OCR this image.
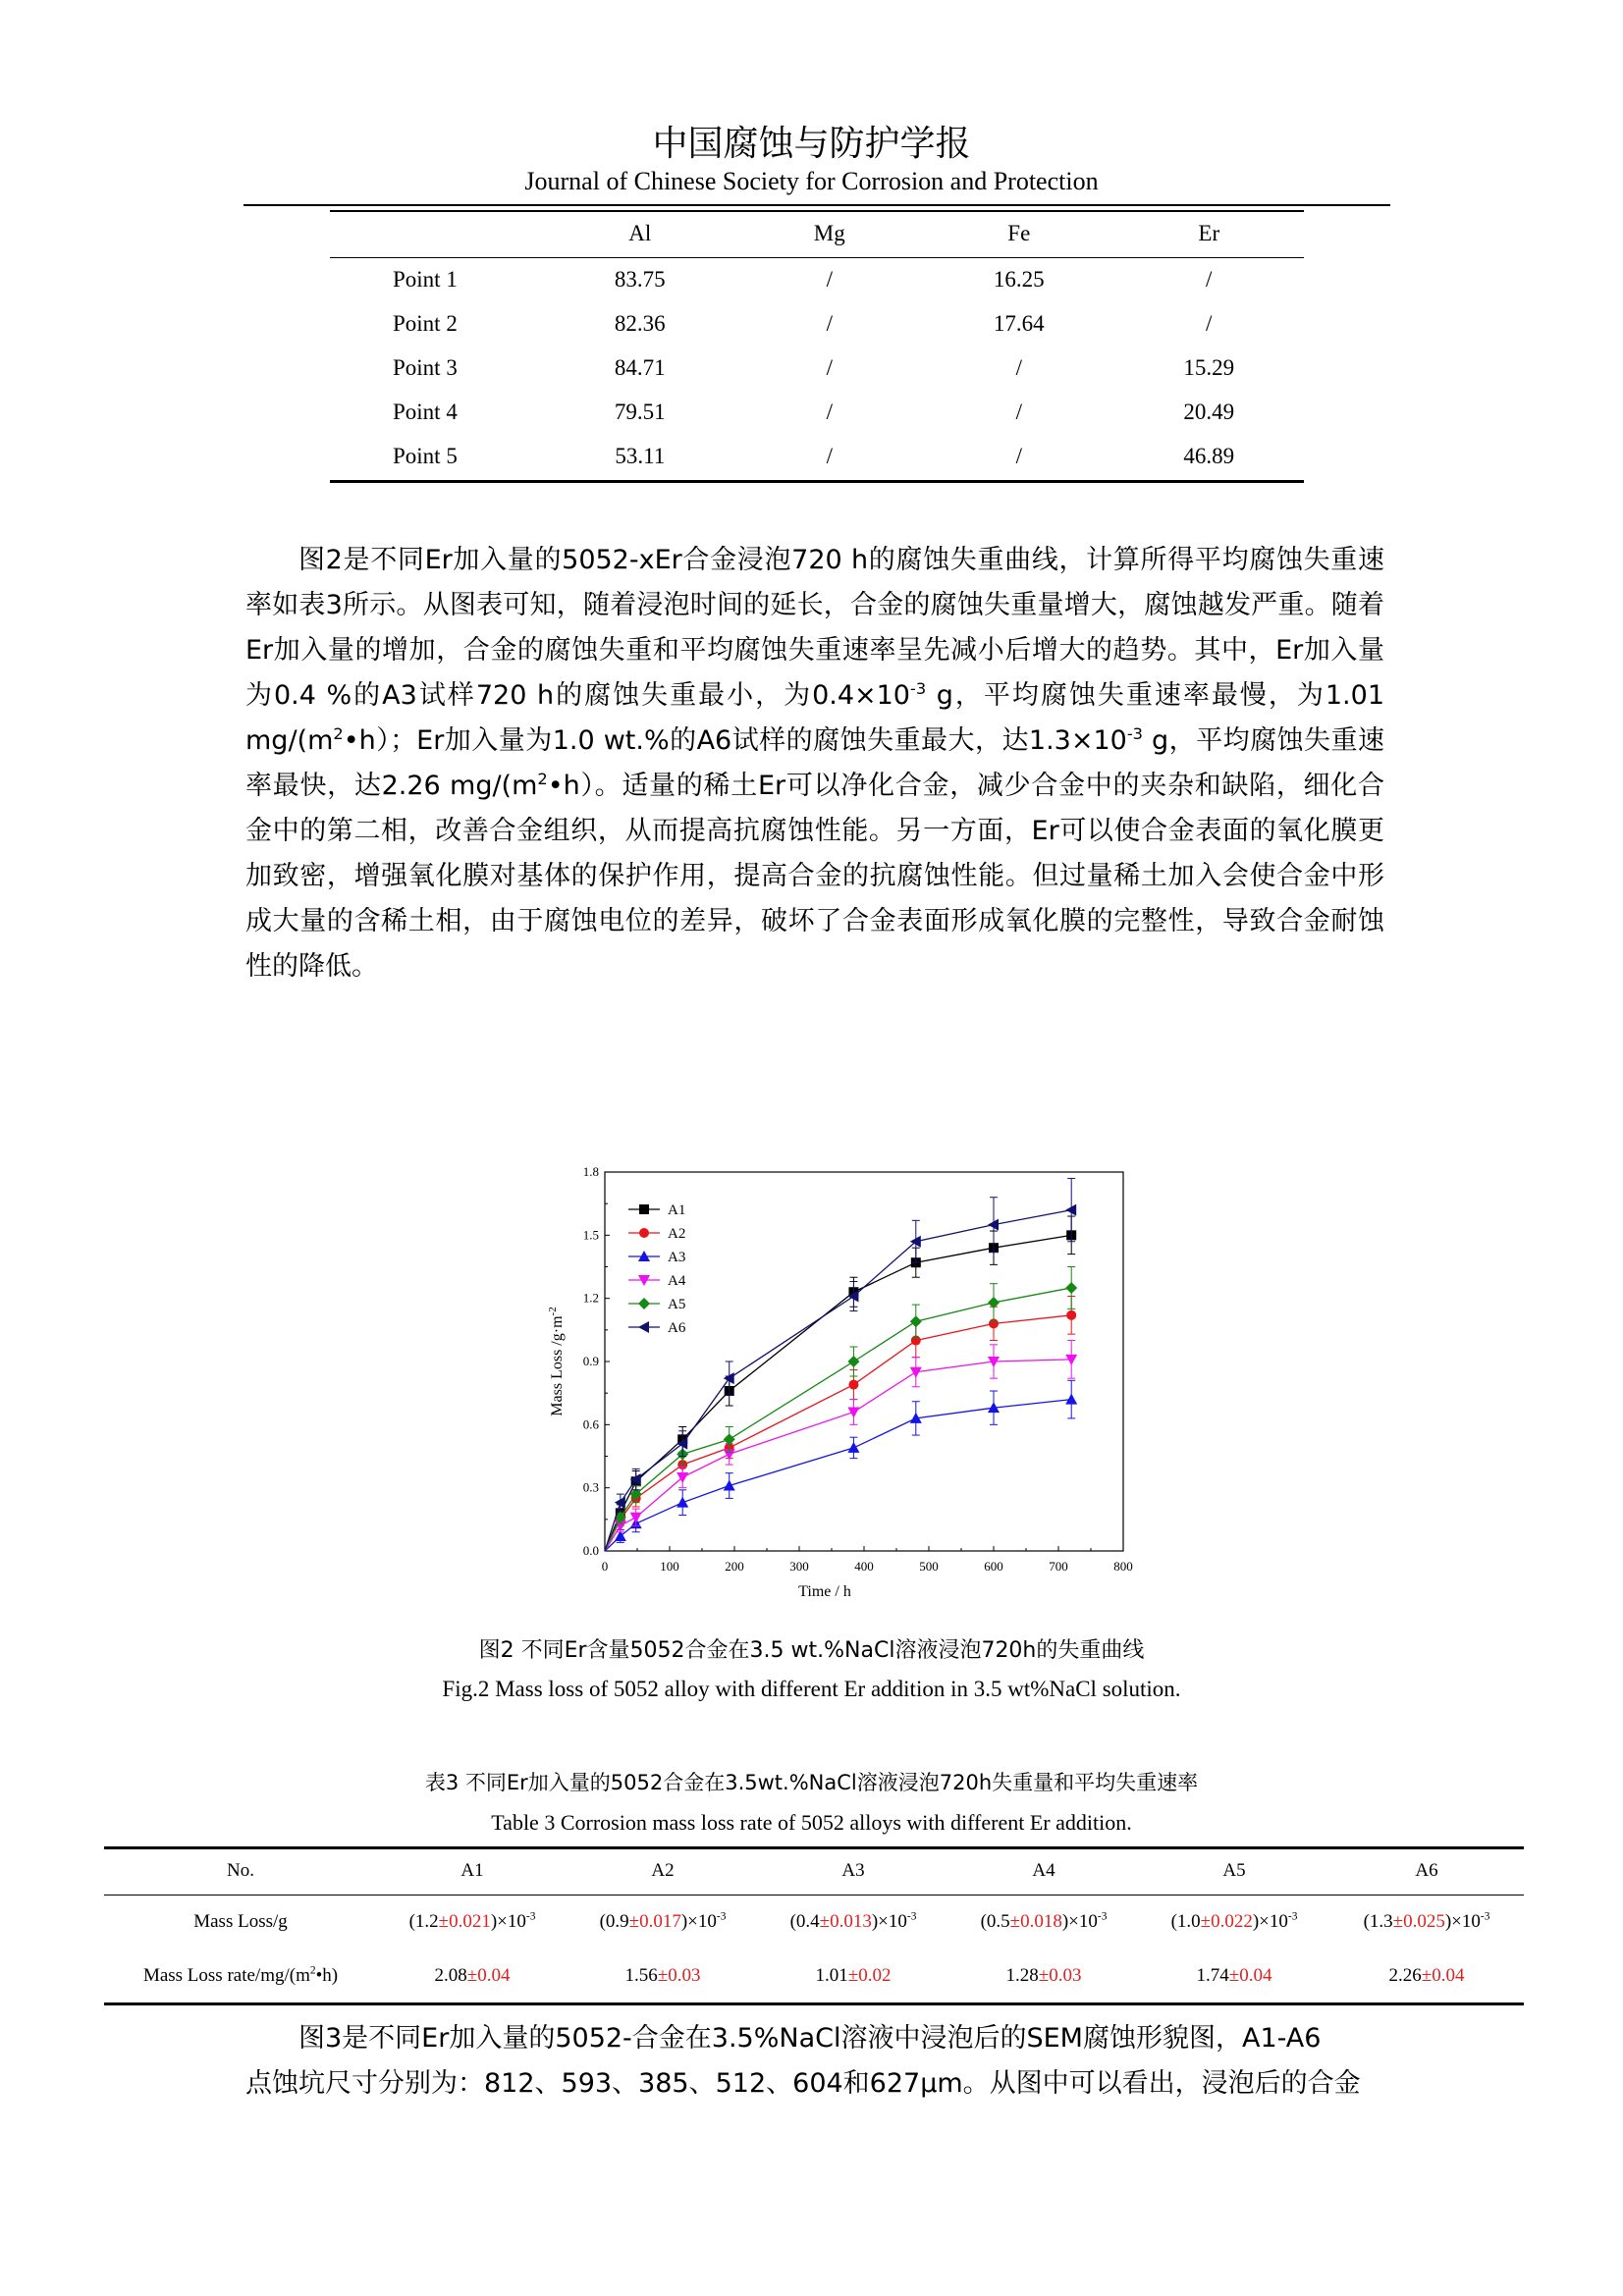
中国腐蚀与防护学报
Journal of Chinese Society for Corrosion and Protection
	Al	Mg	Fe	Er
Point 1	83.75	/	16.25	/
Point 2	82.36	/	17.64	/
Point 3	84.71	/	/	15.29
Point 4	79.51	/	/	20.49
Point 5	53.11	/	/	46.89

图2是不同Er加入量的5052-xEr合金浸泡720 h的腐蚀失重曲线，计算所得平均腐蚀失重速率如表3所示。从图表可知，随着浸泡时间的延长，合金的腐蚀失重量增大，腐蚀越发严重。随着Er加入量的增加，合金的腐蚀失重和平均腐蚀失重速率呈先减小后增大的趋势。其中，Er加入量为0.4 %的A3试样720 h的腐蚀失重最小，为$0.4\times 10^{-3}$ g，平均腐蚀失重速率最慢，为1.01 $mg/(m^2•h)$；Er加入量为1.0 wt.%的A6试样的腐蚀失重最大，达$1.3\times 10^{-3}$ g，平均腐蚀失重速率最快，达2.26 $mg/(m^2•h)$。适量的稀土Er可以净化合金，减少合金中的夹杂和缺陷，细化合金中的第二相，改善合金组织，从而提高抗腐蚀性能。另一方面，Er可以使合金表面的氧化膜更加致密，增强氧化膜对基体的保护作用，提高合金的抗腐蚀性能。但过量稀土加入会使合金中形成大量的含稀土相，由于腐蚀电位的差异，破坏了合金表面形成氧化膜的完整性，导致合金耐蚀性的降低。

0	100	200	300	400	500	600	700	800
0.0
0.3
0.6
0.9
1.2
1.5
1.8
Time / h
Mass Loss $/g\cdot m^{-2}$
A1
A2
A3
A4
A5
A6
图2 不同Er含量5052合金在3.5 wt.%NaCl溶液浸泡720h的失重曲线
Fig.2 Mass loss of 5052 alloy with different Er addition in 3.5 wt%NaCl solution.
表3 不同Er加入量的5052合金在3.5wt.%NaCl溶液浸泡720h失重量和平均失重速率
Table 3 Corrosion mass loss rate of 5052 alloys with different Er addition.
No.	A1	A2	A3	A4	A5	A6
Mass Loss/g	$(1.2\pm 0.021)\times 10^{-3}$	$(0.9\pm 0.017)\times 10^{-3}$	$(0.4\pm 0.013)\times 10^{-3}$	$(0.5\pm 0.018)\times 10^{-3}$	$(1.0\pm 0.022)\times 10^{-3}$	$(1.3\pm 0.025)\times 10^{-3}$
Mass Loss rate/$mg/(m^2•h)$	2.08±0.04	1.56±0.03	1.01±0.02	1.28±0.03	1.74±0.04	2.26±0.04

图3是不同Er加入量的5052-合金在3.5%NaCl溶液中浸泡后的SEM腐蚀形貌图，A1-A6

点蚀坑尺寸分别为：812、593、385、512、604和627μm。从图中可以看出，浸泡后的合金
